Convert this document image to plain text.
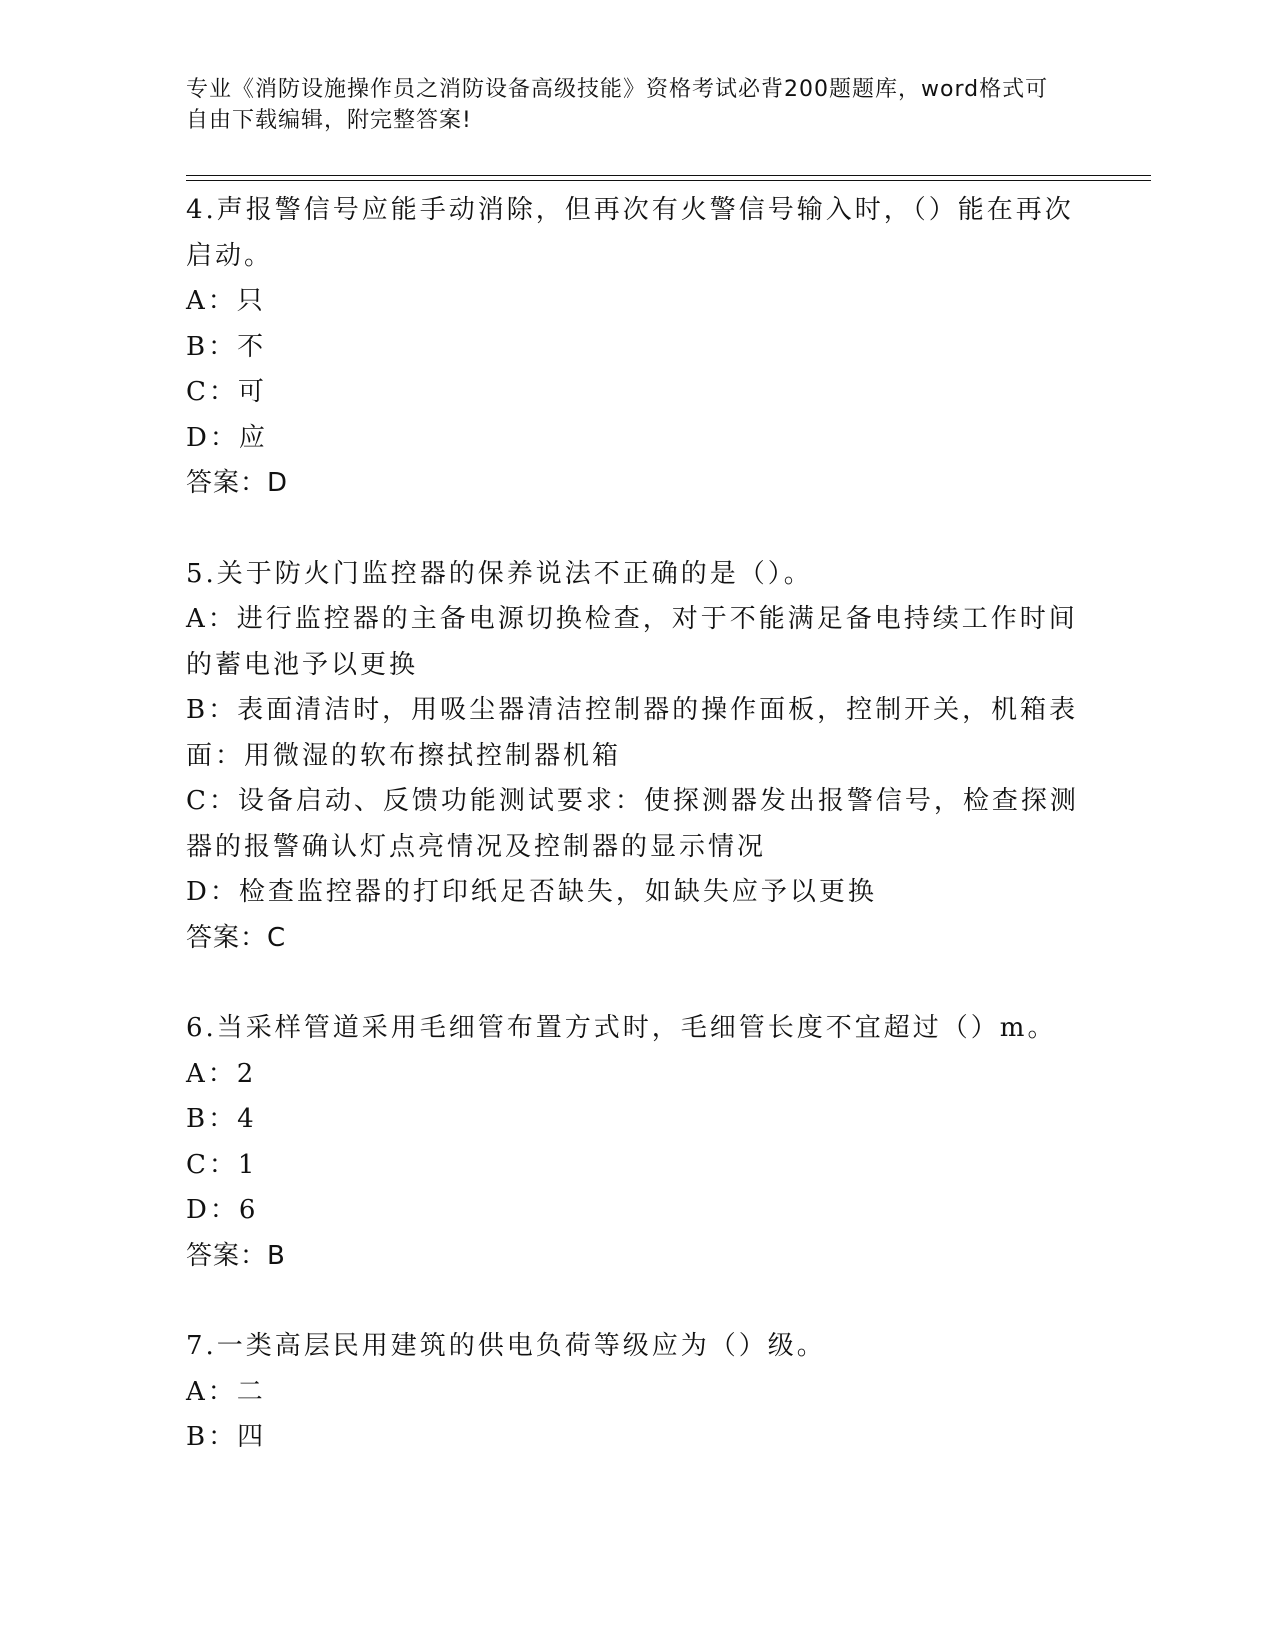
专业《消防设施操作员之消防设备高级技能》资格考试必背200题题库，word格式可自由下载编辑，附完整答案!
4.声报警信号应能手动消除，但再次有火警信号输入时，（）能在再次启动。
A：只
B：不
C：可
D：应
答案：D
5.关于防火门监控器的保养说法不正确的是（）。
A：进行监控器的主备电源切换检查，对于不能满足备电持续工作时间的蓄电池予以更换
B：表面清洁时，用吸尘器清洁控制器的操作面板，控制开关，机箱表面：用微湿的软布擦拭控制器机箱
C：设备启动、反馈功能测试要求：使探测器发出报警信号，检查探测器的报警确认灯点亮情况及控制器的显示情况
D：检查监控器的打印纸足否缺失，如缺失应予以更换
答案：C
6.当采样管道采用毛细管布置方式时，毛细管长度不宜超过（）m。
A：2
B：4
C：1
D：6
答案：B
7.一类高层民用建筑的供电负荷等级应为（）级。
A：二
B：四
